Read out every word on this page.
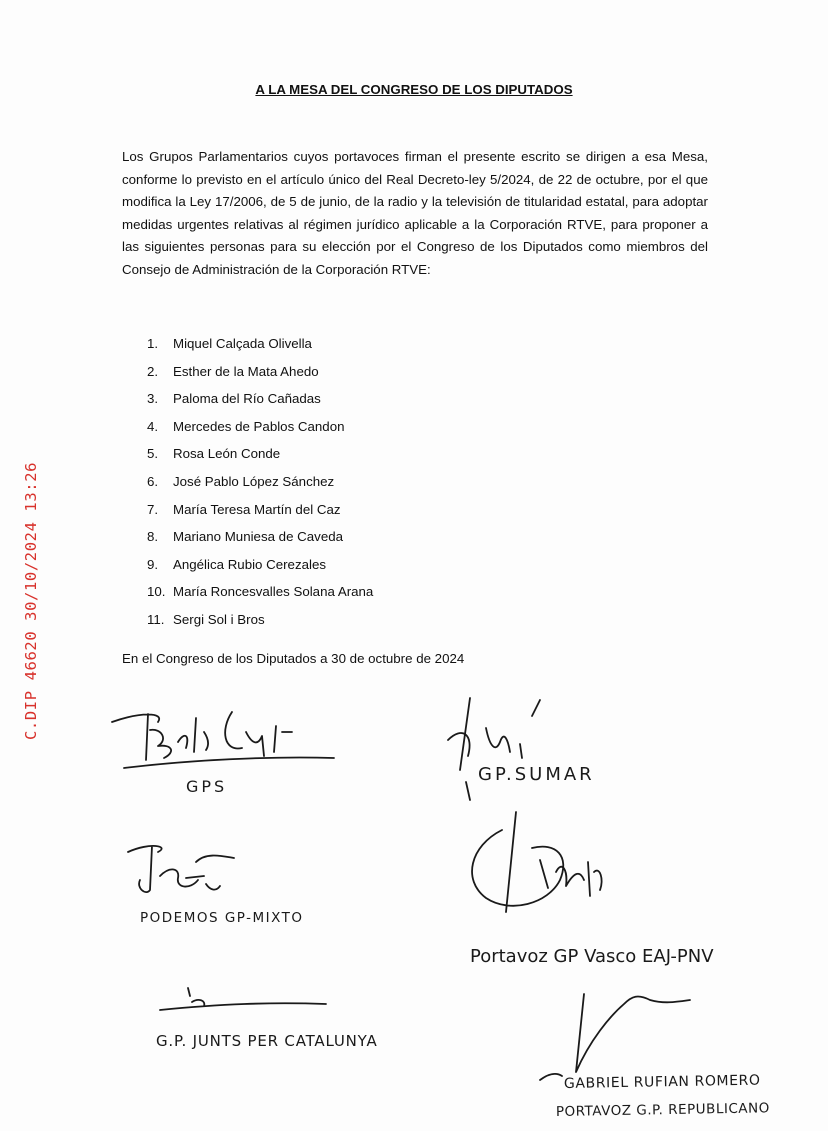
C.DIP 46620 30/10/2024 13:26
A LA MESA DEL CONGRESO DE LOS DIPUTADOS
Los Grupos Parlamentarios cuyos portavoces firman el presente escrito se dirigen a esa Mesa, conforme lo previsto en el artículo único del Real Decreto-ley 5/2024, de 22 de octubre, por el que modifica la Ley 17/2006, de 5 de junio, de la radio y la televisión de titularidad estatal, para adoptar medidas urgentes relativas al régimen jurídico aplicable a la Corporación RTVE, para proponer a las siguientes personas para su elección por el Congreso de los Diputados como miembros del Consejo de Administración de la Corporación RTVE:
1.	Miquel Calçada Olivella
2.	Esther de la Mata Ahedo
3.	Paloma del Río Cañadas
4.	Mercedes de Pablos Candon
5.	Rosa León Conde
6.	José Pablo López Sánchez
7.	María Teresa Martín del Caz
8.	Mariano Muniesa de Caveda
9.	Angélica Rubio Cerezales
10. María Roncesvalles Solana Arana
11. Sergi Sol i Bros
En el Congreso de los Diputados a 30 de octubre de 2024
GPS
GP.SUMAR
PODEMOS GP-MIXTO
Portavoz GP Vasco EAJ-PNV
G.P. JUNTS PER CATALUNYA
GABRIEL RUFIAN ROMERO
PORTAVOZ G.P. REPUBLICANO
